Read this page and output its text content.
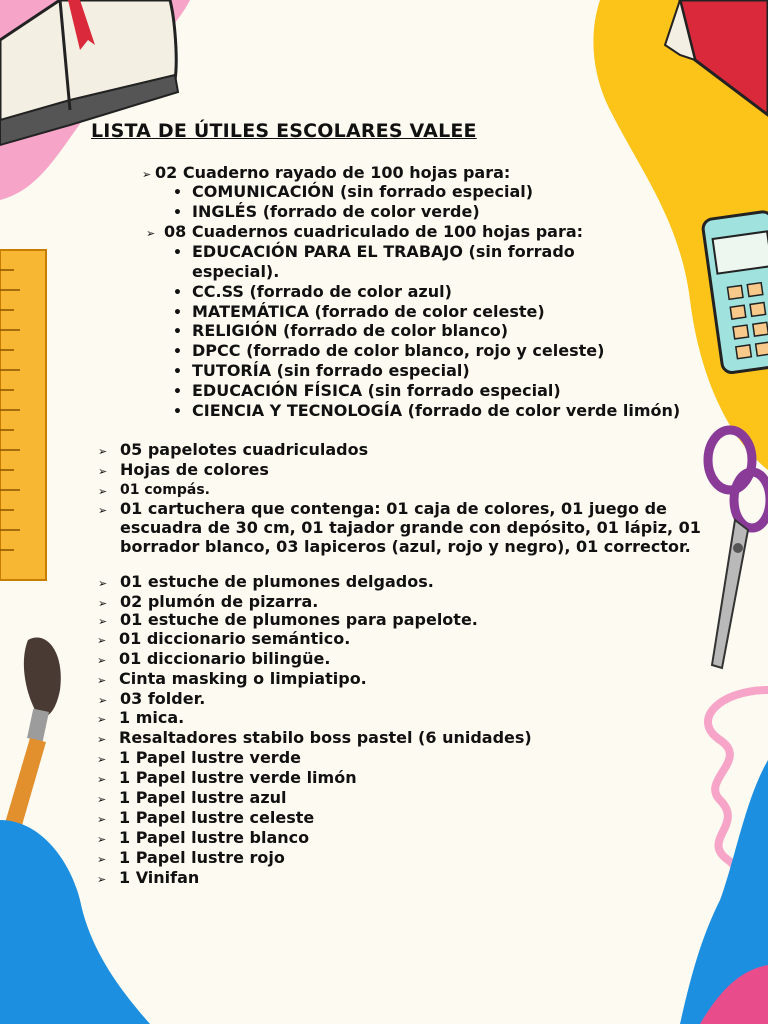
LISTA DE ÚTILES ESCOLARES VALEE
➢ 02 Cuaderno rayado de 100 hojas para:
• COMUNICACIÓN (sin forrado especial)
• INGLÉS (forrado de color verde)
➢ 08 Cuadernos cuadriculado de 100 hojas para:
• EDUCACIÓN PARA EL TRABAJO (sin forrado especial).
• CC.SS (forrado de color azul)
• MATEMÁTICA (forrado de color celeste)
• RELIGIÓN (forrado de color blanco)
• DPCC (forrado de color blanco, rojo y celeste)
• TUTORÍA (sin forrado especial)
• EDUCACIÓN FÍSICA (sin forrado especial)
• CIENCIA Y TECNOLOGÍA (forrado de color verde limón)
➢ 05 papelotes cuadriculados
➢ Hojas de colores
➢ 01 compás.
➢ 01 cartuchera que contenga: 01 caja de colores, 01 juego de escuadra de 30 cm, 01 tajador grande con depósito, 01 lápiz, 01 borrador blanco, 03 lapiceros (azul, rojo y negro), 01 corrector.
➢ 01 estuche de plumones delgados.
➢ 02 plumón de pizarra.
➢ 01 estuche de plumones para papelote.
➢ 01 diccionario semántico.
➢ 01 diccionario bilingüe.
➢ Cinta masking o limpiatipo.
➢ 03 folder.
➢ 1 mica.
➢ Resaltadores stabilo boss pastel (6 unidades)
➢ 1 Papel lustre verde
➢ 1 Papel lustre verde limón
➢ 1 Papel lustre azul
➢ 1 Papel lustre celeste
➢ 1 Papel lustre blanco
➢ 1 Papel lustre rojo
➢ 1 Vinifan
